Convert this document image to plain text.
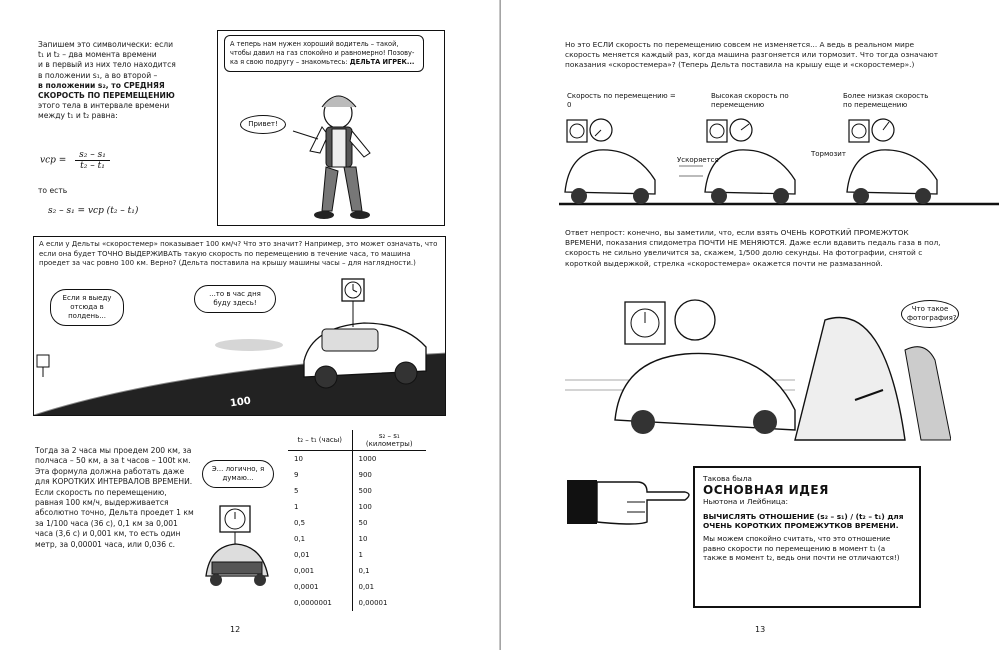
Запишем это символически: если
t₁ и t₂ – два момента времени
и в первый из них тело находится
в положении s₁, а во второй –
в положении s₂, то СРЕДНЯЯ
СКОРОСТЬ ПО ПЕРЕМЕЩЕНИЮ
этого тела в интервале времени
между t₁ и t₂ равна:
vср = $\frac{\text{s₂ – s₁}}{\text{t₂ – t₁}}$
то есть
s₂ – s₁ = vср (t₂ – t₁)
А теперь нам нужен хороший водитель – такой, чтобы давил на газ спокойно и равномерно! Позову-ка я свою подругу – знакомьтесь: ДЕЛЬТА ИГРЕК...
Привет!
А если у Дельты «скоростемер» показывает 100 км/ч? Что это значит? Например, это может означать, что если она будет ТОЧНО ВЫДЕРЖИВАТЬ такую скорость по перемещению в течение часа, то машина проедет за час ровно 100 км. Верно? (Дельта поставила на крышу машины часы – для наглядности.)
Если я выеду отсюда в полдень...
...то в час дня буду здесь!
100
Тогда за 2 часа мы проедем 200 км, за полчаса – 50 км, а за t часов – 100t км. Эта формула должна работать даже для КОРОТКИХ ИНТЕРВАЛОВ ВРЕМЕНИ. Если скорость по перемещению, равная 100 км/ч, выдерживается абсолютно точно, Дельта проедет 1 км за 1/100 часа (36 с), 0,1 км за 0,001 часа (3,6 с) и 0,001 км, то есть один метр, за 0,00001 часа, или 0,036 с.
Э... логично, я думаю...
t₂ – t₁ (часы)	s₂ – s₁ (километры)
10	1000
9	900
5	500
1	100
0,5	50
0,1	10
0,01	1
0,001	0,1
0,0001	0,01
0,0000001	0,00001
12
Но это ЕСЛИ скорость по перемещению совсем не изменяется... А ведь в реальном мире скорость меняется каждый раз, когда машина разгоняется или тормозит. Что тогда означают показания «скоростемера»? (Теперь Дельта поставила на крышу еще и «скоростемер».)
Скорость по перемещению = 0
Высокая скорость по перемещению
Более низкая скорость по перемещению
Ускоряется
Тормозит
Ответ непрост: конечно, вы заметили, что, если взять ОЧЕНЬ КОРОТКИЙ ПРОМЕЖУТОК ВРЕМЕНИ, показания спидометра ПОЧТИ НЕ МЕНЯЮТСЯ. Даже если вдавить педаль газа в пол, скорость не сильно увеличится за, скажем, 1/500 долю секунды. На фотографии, снятой с короткой выдержкой, стрелка «скоростемера» окажется почти не размазанной.
Что такое фотография?
Такова была
ОСНОВНАЯ ИДЕЯ
Ньютона и Лейбница:
ВЫЧИСЛЯТЬ ОТНОШЕНИЕ (s₂ – s₁) / (t₂ – t₁) для ОЧЕНЬ КОРОТКИХ ПРОМЕЖУТКОВ ВРЕМЕНИ.
Мы можем спокойно считать, что это отношение равно скорости по перемещению в момент t₁ (а также в момент t₂, ведь они почти не отличаются!)
13
